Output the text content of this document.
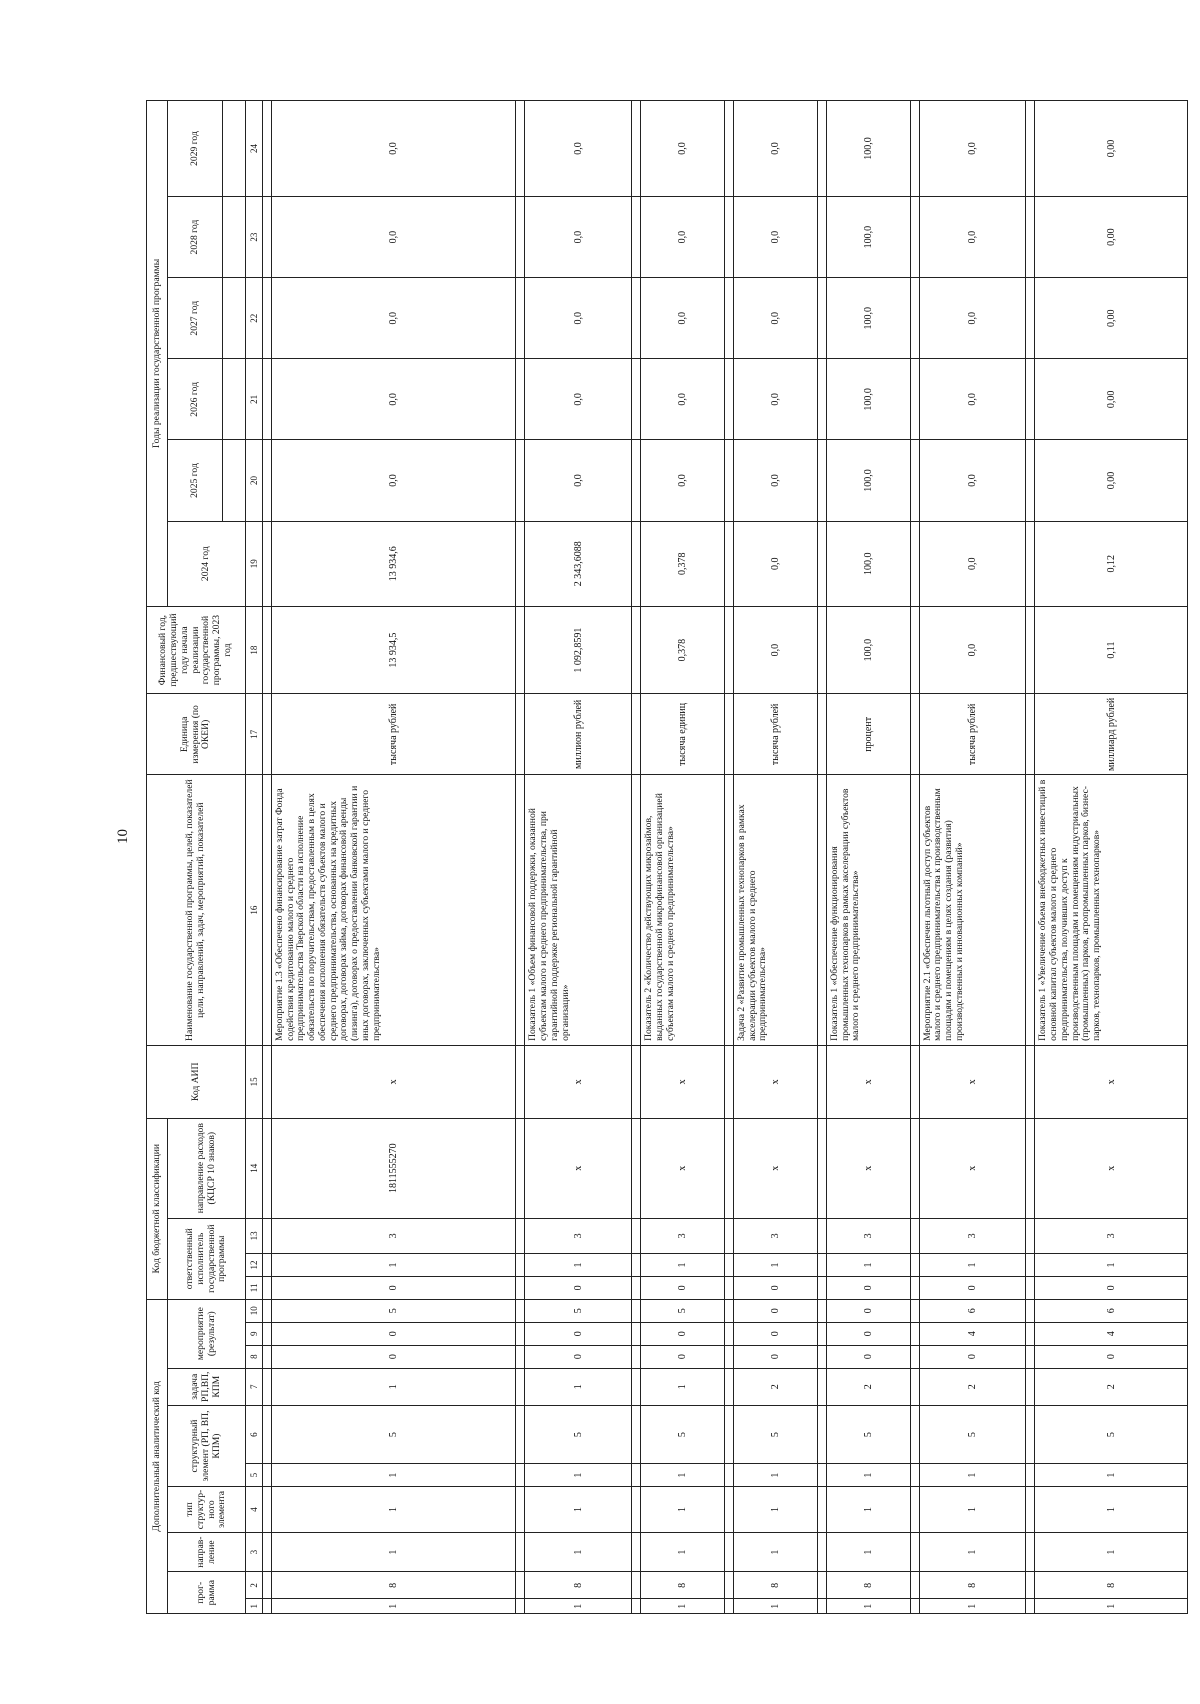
10
Дополнительный аналитический код										Код бюджетной классификации				Код АИП	Наименование государственной программы, целей, показателей цели, направлений, задач, мероприятий, показателей	Единица измерения (по ОКЕИ)	Финансовый год, предшествующий году начала реализации государственной программы, 2023 год	Годы реализации государственной программы					
прог-рамма		направ-ление	тип структур-ного элемента	структурный элемент (РП, ВП, КПМ)		задача РП,ВП, КПМ	мероприятие (результат)			ответственный исполнитель государственной программы			направление расходов (КЦСР 10 знаков)					2024 год	2025 год	2026 год	2027 год	2028 год	2029 год

1	2	3	4	5	6	7	8	9	10	11	12	13	14	15	16	17	18	19	20	21	22	23	24

1	8	1	1	1	5	1	0	0	5	0	1	3	1811555270	х	Мероприятие 1.3 «Обеспечено финансирование затрат Фонда содействия кредитованию малого и среднего предпринимательства Тверской области на исполнение обязательств по поручительствам, предоставленным в целях обеспечения исполнения обязательств субъектов малого и среднего предпринимательства, основанных на кредитных договорах, договорах займа, договорах финансовой аренды (лизинга), договорах о предоставлении банковской гарантии и иных договорах, заключенных субъектами малого и среднего предпринимательства»	тысяча рублей	13 934,5	13 934,6	0,0	0,0	0,0	0,0	0,0

1	8	1	1	1	5	1	0	0	5	0	1	3	х	х	Показатель 1 «Объем финансовой поддержки, оказанной субъектам малого и среднего предпринимательства, при гарантийной поддержке региональной гарантийной организации»	миллион рублей	1 092,8591	2 343,6088	0,0	0,0	0,0	0,0	0,0

1	8	1	1	1	5	1	0	0	5	0	1	3	х	х	Показатель 2 «Количество действующих микрозаймов, выданных государственной микрофинансовой организацией субъектам малого и среднего предпринимательства»	тысяча единиц	0,378	0,378	0,0	0,0	0,0	0,0	0,0

1	8	1	1	1	5	2	0	0	0	0	1	3	х	х	Задача 2 «Развитие промышленных технопарков в рамках акселерации субъектов малого и среднего предпринимательства»	тысяча рублей	0,0	0,0	0,0	0,0	0,0	0,0	0,0

1	8	1	1	1	5	2	0	0	0	0	1	3	х	х	Показатель 1 «Обеспечение функционирования промышленных технопарков в рамках акселерации субъектов малого и среднего предпринимательства»	процент	100,0	100,0	100,0	100,0	100,0	100,0	100,0

1	8	1	1	1	5	2	0	4	6	0	1	3	х	х	Мероприятие 2.1 «Обеспечен льготный доступ субъектов малого и среднего предпринимательства к производственным площадям и помещениям в целях создания (развития) производственных и инновационных компаний»	тысяча рублей	0,0	0,0	0,0	0,0	0,0	0,0	0,0

1	8	1	1	1	5	2	0	4	6	0	1	3	х	х	Показатель 1 «Увеличение объема внебюджетных инвестиций в основной капитал субъектов малого и среднего предпринимательства, получивших доступ к производственным площадям и помещениям индустриальных (промышленных) парков, агропромышленных парков, бизнес-парков, технопарков, промышленных технопарков»	миллиард рублей	0,11	0,12	0,00	0,00	0,00	0,00	0,00
